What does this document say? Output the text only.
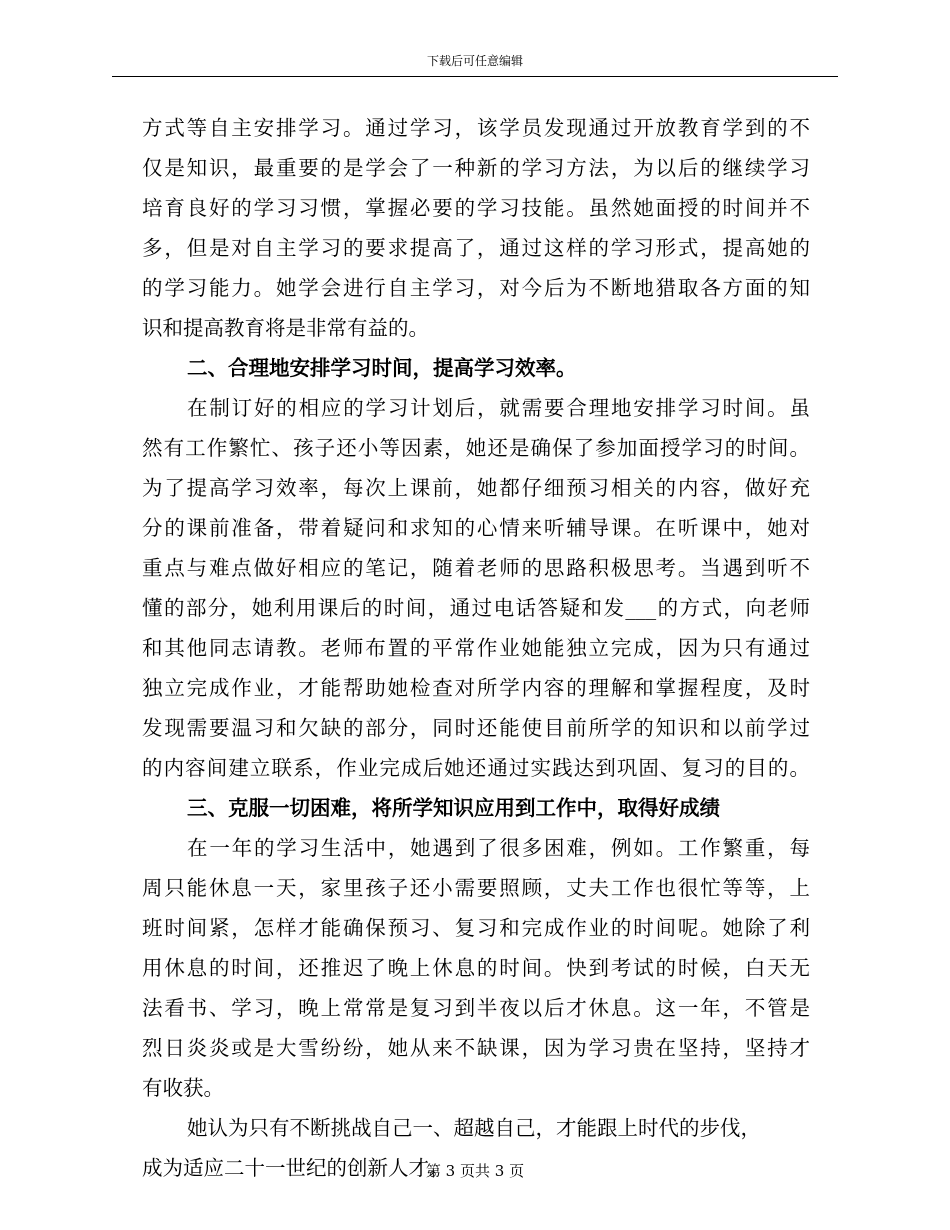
下载后可任意编辑
方式等自主安排学习。通过学习，该学员发现通过开放教育学到的不
仅是知识，最重要的是学会了一种新的学习方法，为以后的继续学习
培育良好的学习习惯，掌握必要的学习技能。虽然她面授的时间并不
多，但是对自主学习的要求提高了，通过这样的学习形式，提高她的
的学习能力。她学会进行自主学习，对今后为不断地猎取各方面的知
识和提高教育将是非常有益的。
二、合理地安排学习时间，提高学习效率。
在制订好的相应的学习计划后，就需要合理地安排学习时间。虽
然有工作繁忙、孩子还小等因素，她还是确保了参加面授学习的时间。
为了提高学习效率，每次上课前，她都仔细预习相关的内容，做好充
分的课前准备，带着疑问和求知的心情来听辅导课。在听课中，她对
重点与难点做好相应的笔记，随着老师的思路积极思考。当遇到听不
懂的部分，她利用课后的时间，通过电话答疑和发___的方式，向老师
和其他同志请教。老师布置的平常作业她能独立完成，因为只有通过
独立完成作业，才能帮助她检查对所学内容的理解和掌握程度，及时
发现需要温习和欠缺的部分，同时还能使目前所学的知识和以前学过
的内容间建立联系，作业完成后她还通过实践达到巩固、复习的目的。
三、克服一切困难，将所学知识应用到工作中，取得好成绩
在一年的学习生活中，她遇到了很多困难，例如。工作繁重，每
周只能休息一天，家里孩子还小需要照顾，丈夫工作也很忙等等，上
班时间紧，怎样才能确保预习、复习和完成作业的时间呢。她除了利
用休息的时间，还推迟了晚上休息的时间。快到考试的时候，白天无
法看书、学习，晚上常常是复习到半夜以后才休息。这一年，不管是
烈日炎炎或是大雪纷纷，她从来不缺课，因为学习贵在坚持，坚持才
有收获。
她认为只有不断挑战自己一、超越自己，才能跟上时代的步伐，
成为适应二十一世纪的创新人才。
第 3 页共 3 页
